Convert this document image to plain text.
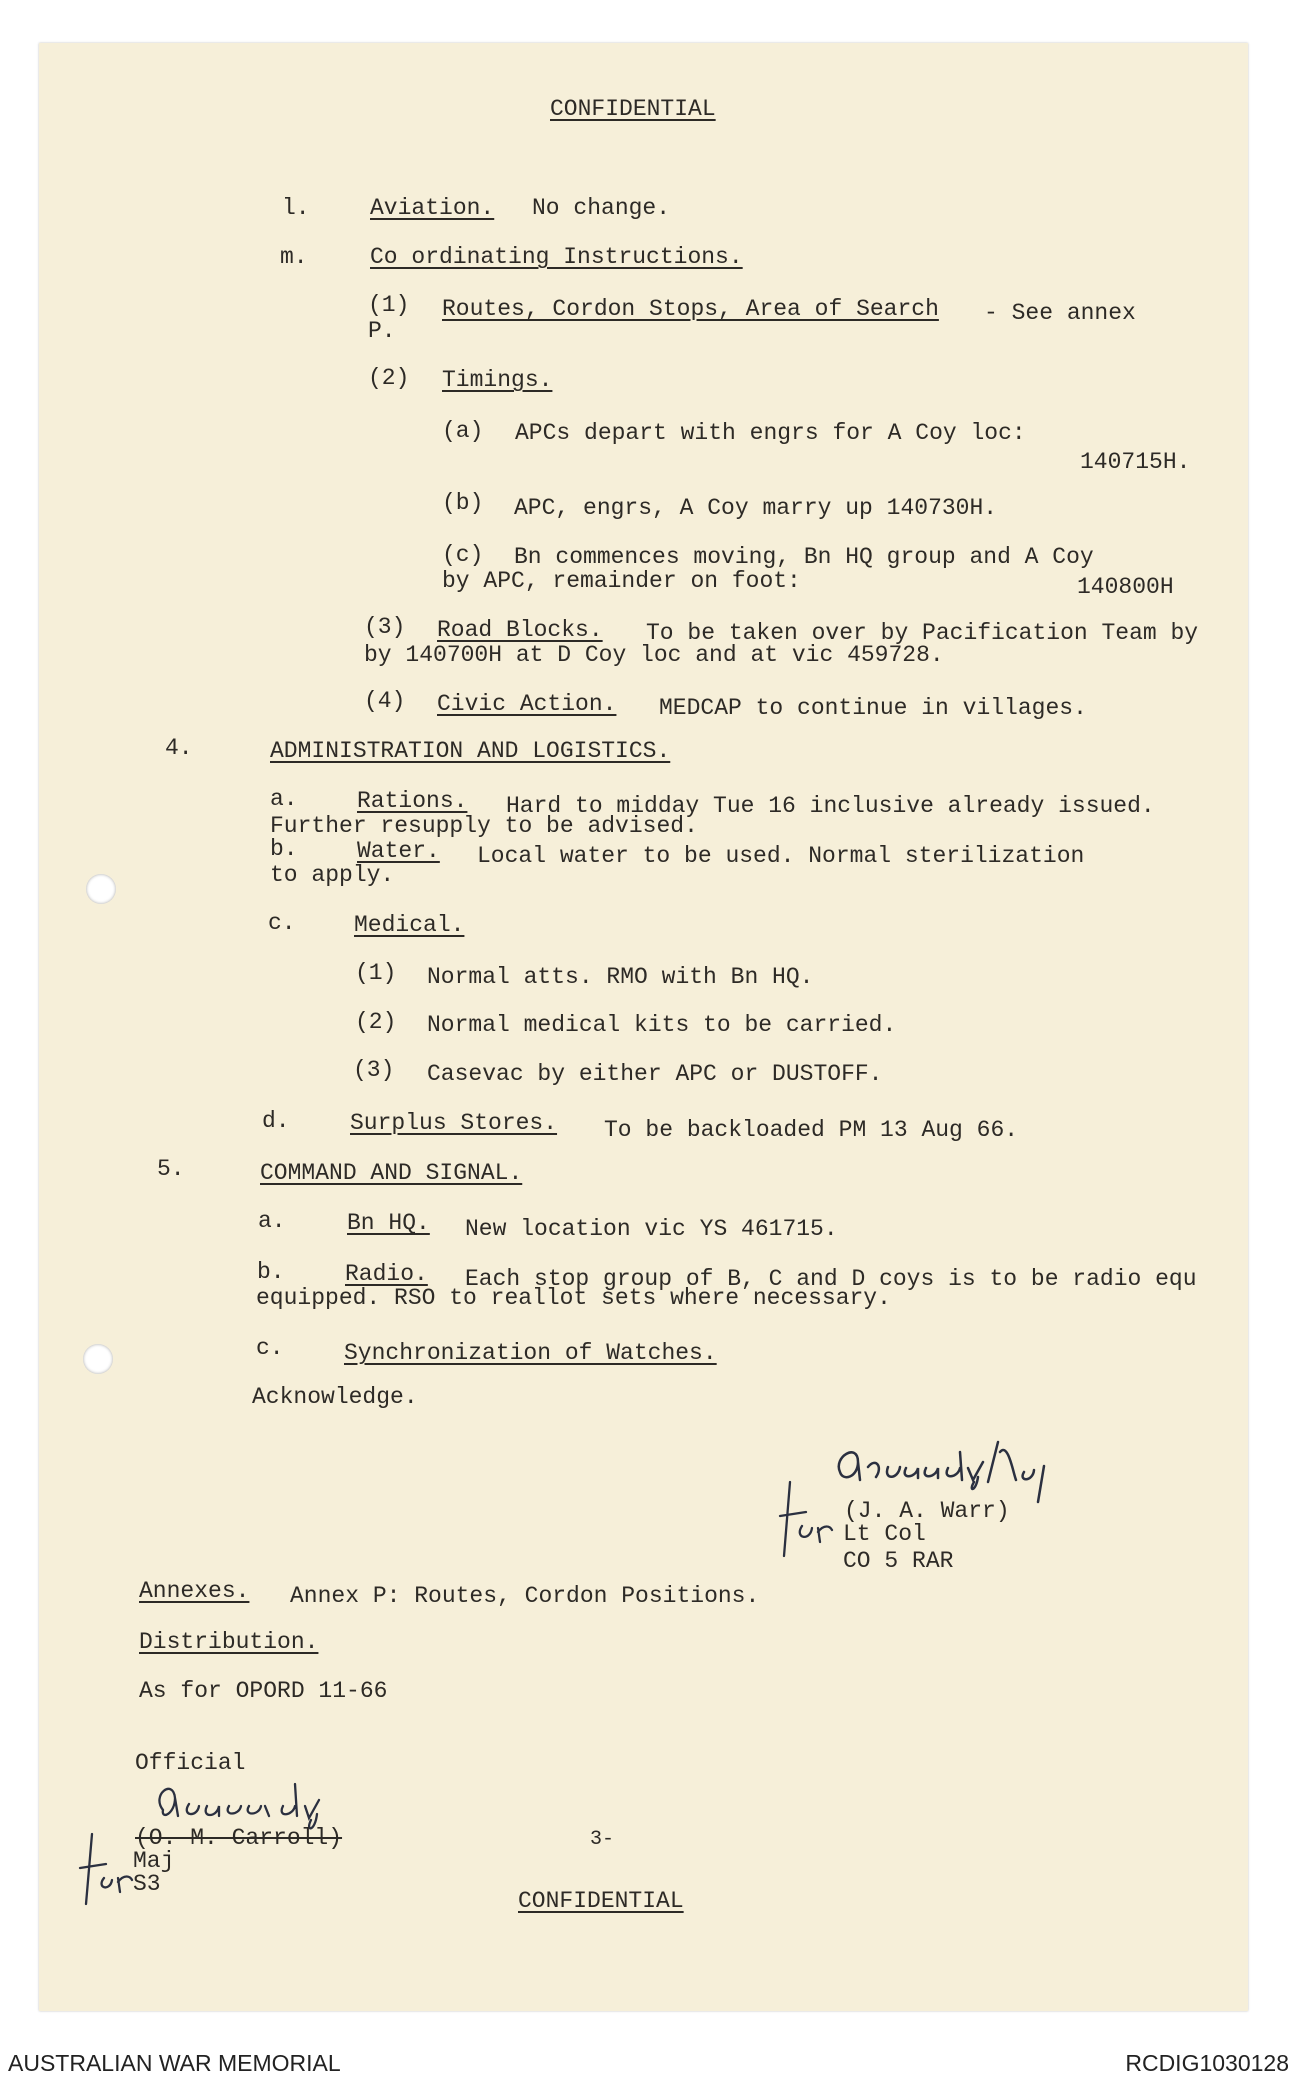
CONFIDENTIAL
l.	Aviation. No change.
m.	Co ordinating Instructions.
(1) Routes, Cordon Stops, Area of Search - See annex
P.
(2) Timings.
(a) APCs depart with engrs for A Coy loc:
140715H.
(b) APC, engrs, A Coy marry up 140730H.
(c) Bn commences moving, Bn HQ group and A Coy
by APC, remainder on foot:	140800H
(3) Road Blocks. To be taken over by Pacification Team by
by 140700H at D Coy loc and at vic 459728.
(4) Civic Action. MEDCAP to continue in villages.
4.	ADMINISTRATION AND LOGISTICS.
a.	Rations. Hard to midday Tue 16 inclusive already issued.
Further resupply to be advised.
b.	Water. Local water to be used. Normal sterilization
to apply.
c.	Medical.
(1) Normal atts. RMO with Bn HQ.
(2) Normal medical kits to be carried.
(3) Casevac by either APC or DUSTOFF.
d.	Surplus Stores. To be backloaded PM 13 Aug 66.
5.	COMMAND AND SIGNAL.
a.	Bn HQ. New location vic YS 461715.
b.	Radio. Each stop group of B, C and D coys is to be radio equ
equipped. RSO to reallot sets where necessary.
c.	Synchronization of Watches.
Acknowledge.
(J. A. Warr)
Lt Col
CO 5 RAR
Annexes. Annex P: Routes, Cordon Positions.
Distribution.
As for OPORD 11-66
Official
(O. M. Carroll)
Maj
S3
3-
CONFIDENTIAL
AUSTRALIAN WAR MEMORIAL	RCDIG1030128
